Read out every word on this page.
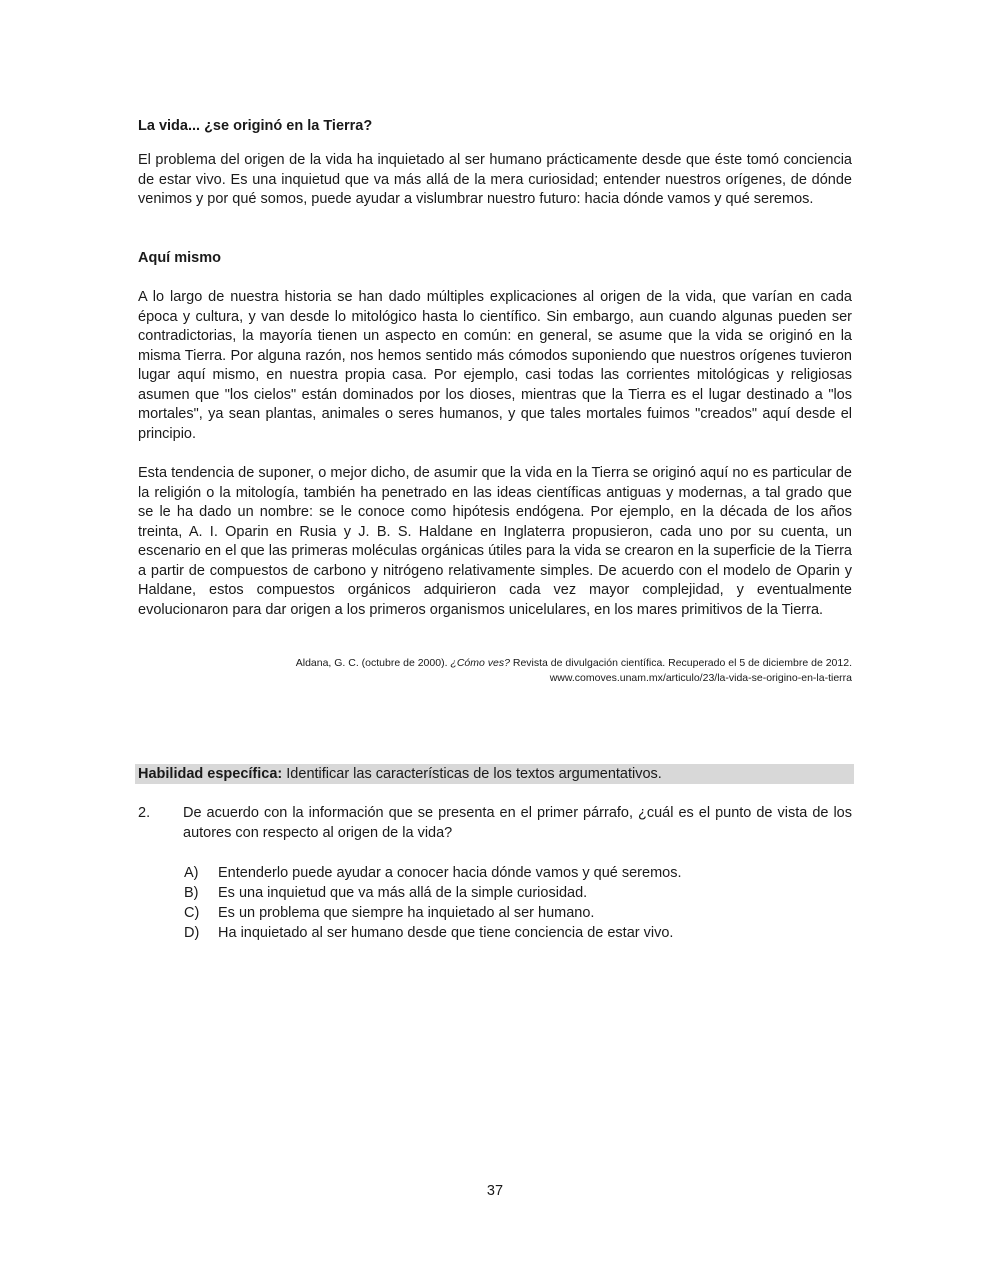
La vida... ¿se originó en la Tierra?
El problema del origen de la vida ha inquietado al ser humano prácticamente desde que éste tomó conciencia de estar vivo. Es una inquietud que va más allá de la mera curiosidad; entender nuestros orígenes, de dónde venimos y por qué somos, puede ayudar a vislumbrar nuestro futuro: hacia dónde vamos y qué seremos.
Aquí mismo
A lo largo de nuestra historia se han dado múltiples explicaciones al origen de la vida, que varían en cada época y cultura, y van desde lo mitológico hasta lo científico. Sin embargo, aun cuando algunas pueden ser contradictorias, la mayoría tienen un aspecto en común: en general, se asume que la vida se originó en la misma Tierra. Por alguna razón, nos hemos sentido más cómodos suponiendo que nuestros orígenes tuvieron lugar aquí mismo, en nuestra propia casa. Por ejemplo, casi todas las corrientes mitológicas y religiosas asumen que "los cielos" están dominados por los dioses, mientras que la Tierra es el lugar destinado a "los mortales", ya sean plantas, animales o seres humanos, y que tales mortales fuimos "creados" aquí desde el principio.
Esta tendencia de suponer, o mejor dicho, de asumir que la vida en la Tierra se originó aquí no es particular de la religión o la mitología, también ha penetrado en las ideas científicas antiguas y modernas, a tal grado que se le ha dado un nombre: se le conoce como hipótesis endógena. Por ejemplo, en la década de los años treinta, A. I. Oparin en Rusia y J. B. S. Haldane en Inglaterra propusieron, cada uno por su cuenta, un escenario en el que las primeras moléculas orgánicas útiles para la vida se crearon en la superficie de la Tierra a partir de compuestos de carbono y nitrógeno relativamente simples. De acuerdo con el modelo de Oparin y Haldane, estos compuestos orgánicos adquirieron cada vez mayor complejidad, y eventualmente evolucionaron para dar origen a los primeros organismos unicelulares, en los mares primitivos de la Tierra.
Aldana, G. C. (octubre de 2000). ¿Cómo ves? Revista de divulgación científica. Recuperado el 5 de diciembre de 2012.
www.comoves.unam.mx/articulo/23/la-vida-se-origino-en-la-tierra
Habilidad específica: Identificar las características de los textos argumentativos.
2. De acuerdo con la información que se presenta en el primer párrafo, ¿cuál es el punto de vista de los autores con respecto al origen de la vida?
A) Entenderlo puede ayudar a conocer hacia dónde vamos y qué seremos.
B) Es una inquietud que va más allá de la simple curiosidad.
C) Es un problema que siempre ha inquietado al ser humano.
D) Ha inquietado al ser humano desde que tiene conciencia de estar vivo.
37
